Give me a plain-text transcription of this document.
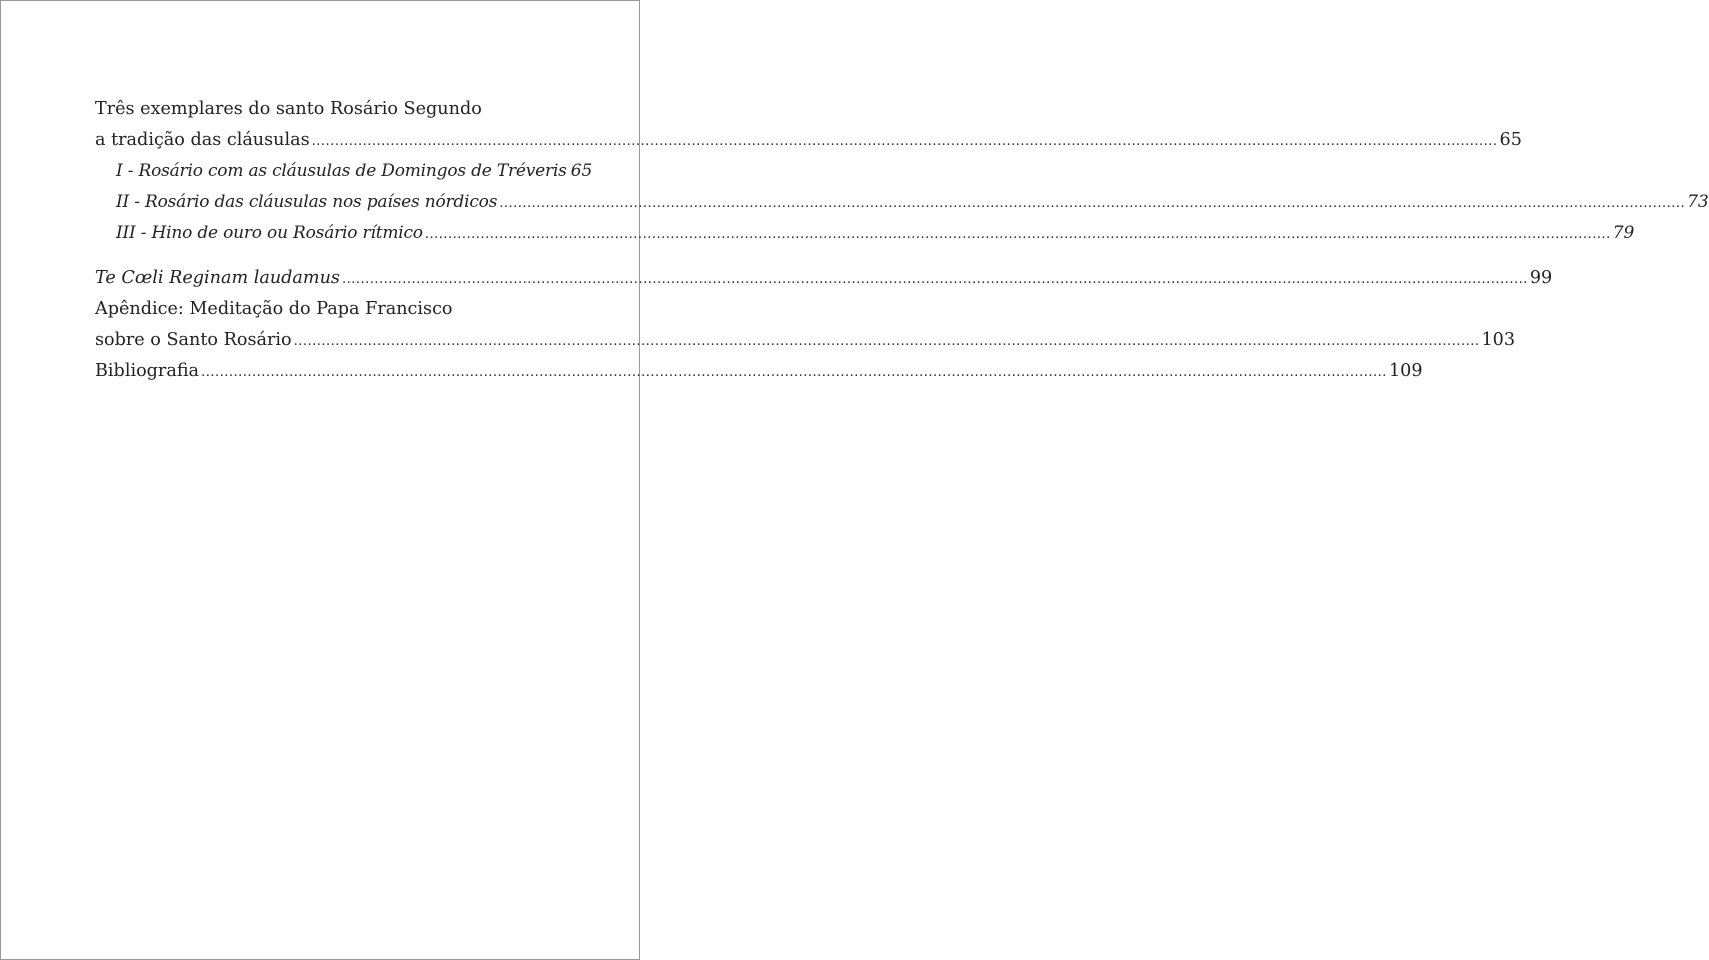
Três exemplares do santo Rosário Segundo
a tradição das cláusulas .....	65
I - Rosário com as cláusulas de Domingos de Tréveris 65
II - Rosário das cláusulas nos países nórdicos .....	73
III - Hino de ouro ou Rosário rítmico .....	79
Te Cœli Reginam laudamus .....	99
Apêndice: Meditação do Papa Francisco
sobre o Santo Rosário .....	103
Bibliografia .....	109
